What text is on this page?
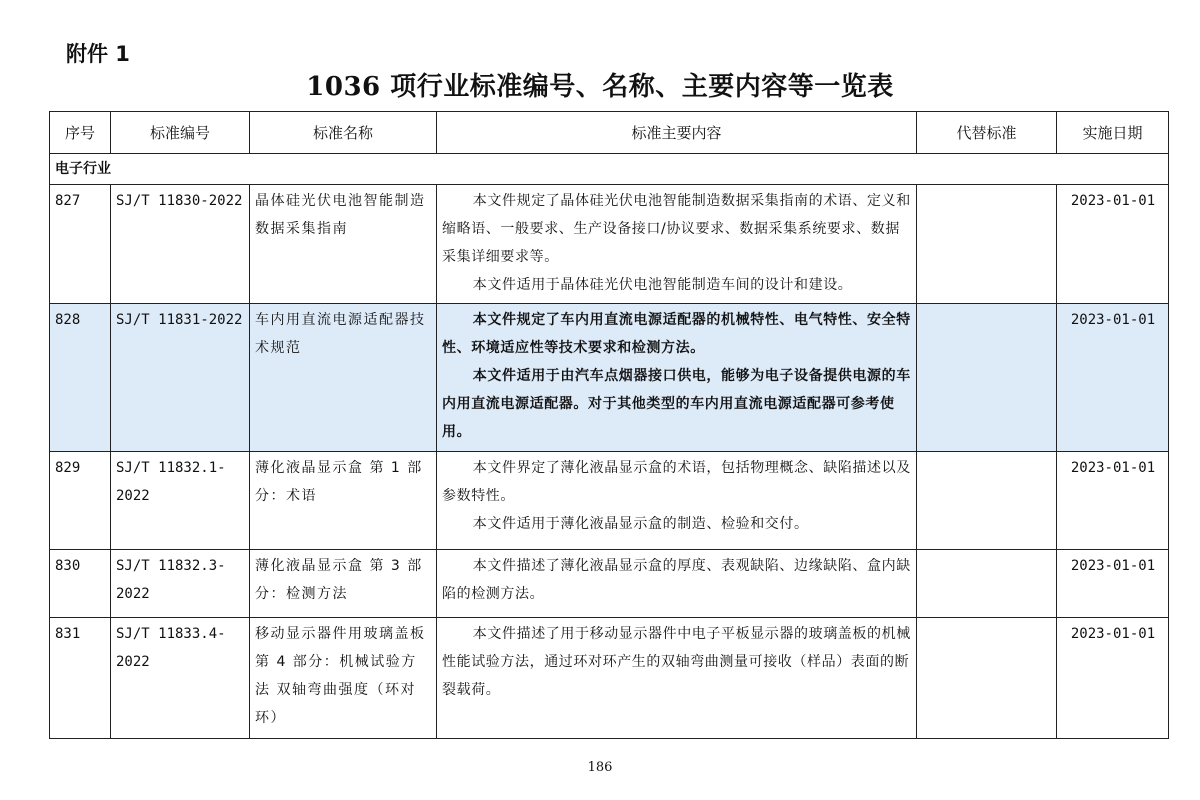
附件 1
1036 项行业标准编号、名称、主要内容等一览表
序号	标准编号	标准名称	标准主要内容	代替标准	实施日期
电子行业					
827	SJ/T 11830-2022	晶体硅光伏电池智能制造 数据采集指南	本文件规定了晶体硅光伏电池智能制造数据采集指南的术语、定义和缩略语、一般要求、生产设备接口/协议要求、数据采集系统要求、数据采集详细要求等。

本文件适用于晶体硅光伏电池智能制造车间的设计和建设。		2023-01-01
828	SJ/T 11831-2022	车内用直流电源适配器技术规范	本文件规定了车内用直流电源适配器的机械特性、电气特性、安全特性、环境适应性等技术要求和检测方法。

本文件适用于由汽车点烟器接口供电，能够为电子设备提供电源的车内用直流电源适配器。对于其他类型的车内用直流电源适配器可参考使用。		2023-01-01
829	SJ/T 11832.1-2022	薄化液晶显示盒 第 1 部分：术语	本文件界定了薄化液晶显示盒的术语，包括物理概念、缺陷描述以及参数特性。

本文件适用于薄化液晶显示盒的制造、检验和交付。		2023-01-01
830	SJ/T 11832.3-2022	薄化液晶显示盒 第 3 部分：检测方法	本文件描述了薄化液晶显示盒的厚度、表观缺陷、边缘缺陷、盒内缺陷的检测方法。		2023-01-01
831	SJ/T 11833.4-2022	移动显示器件用玻璃盖板 第 4 部分：机械试验方法 双轴弯曲强度（环对环）	本文件描述了用于移动显示器件中电子平板显示器的玻璃盖板的机械性能试验方法，通过环对环产生的双轴弯曲测量可接收（样品）表面的断裂载荷。		2023-01-01
186
